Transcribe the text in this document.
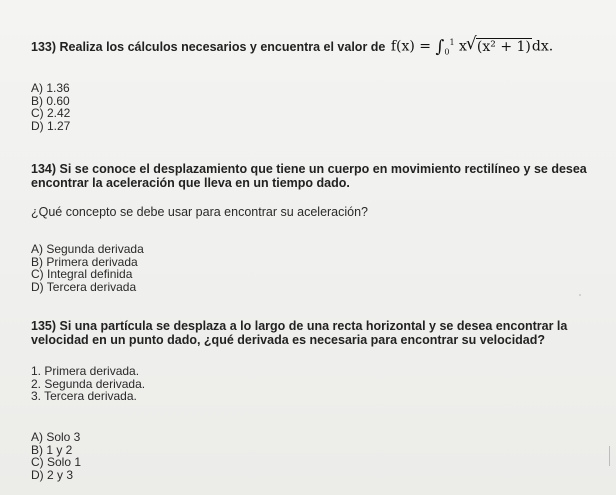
133) Realiza los cálculos necesarios y encuentra el valor de $f(x) = \int_0^1$ x√ (x² + 1)dx.
A) 1.36
B) 0.60
C) 2.42
D) 1.27
134) Si se conoce el desplazamiento que tiene un cuerpo en movimiento rectilíneo y se desea encontrar la aceleración que lleva en un tiempo dado.
¿Qué concepto se debe usar para encontrar su aceleración?
A) Segunda derivada
B) Primera derivada
C) Integral definida
D) Tercera derivada
135) Si una partícula se desplaza a lo largo de una recta horizontal y se desea encontrar la velocidad en un punto dado, ¿qué derivada es necesaria para encontrar su velocidad?
1. Primera derivada.
2. Segunda derivada.
3. Tercera derivada.
A) Solo 3
B) 1 y 2
C) Solo 1
D) 2 y 3
